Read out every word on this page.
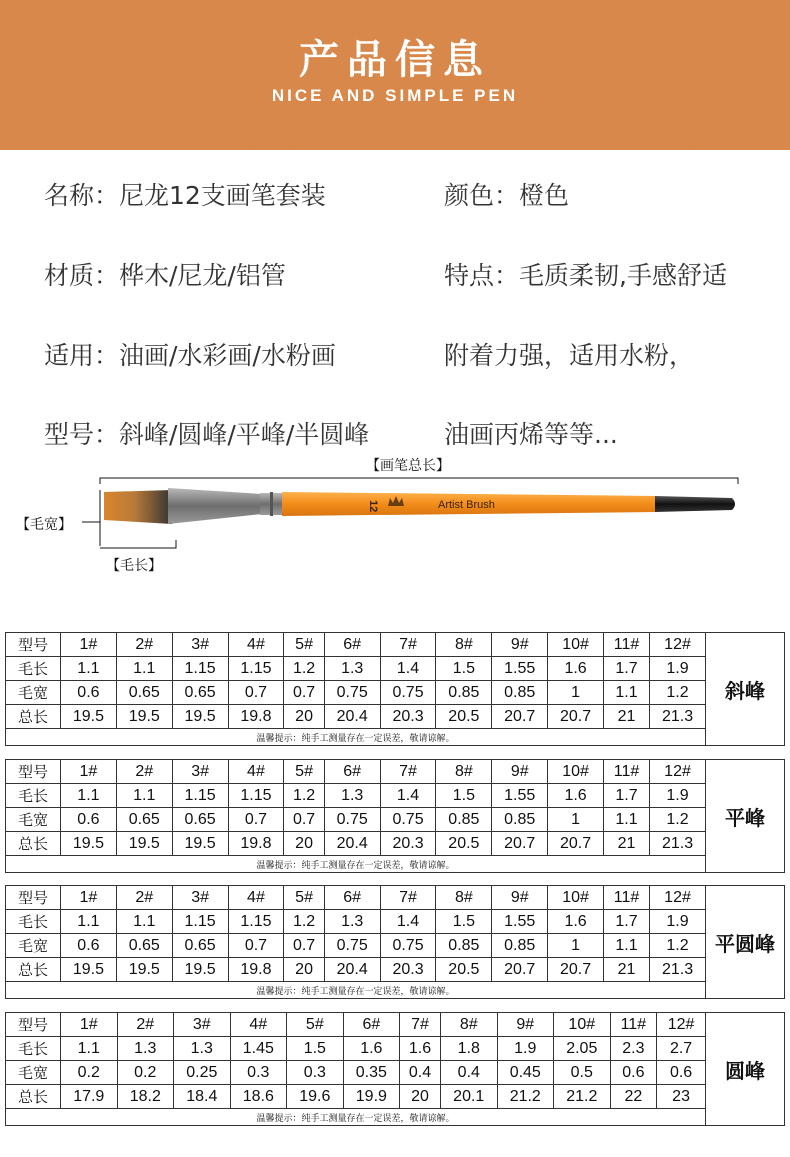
产品信息
NICE AND SIMPLE PEN
名称：尼龙12支画笔套装	颜色：橙色
材质：桦木/尼龙/铝管	特点：毛质柔韧,手感舒适
适用：油画/水彩画/水粉画	附着力强，适用水粉，
型号：斜峰/圆峰/平峰/半圆峰	油画丙烯等等...
【画笔总长】
【毛宽】
【毛长】
12	Artist Brush
型号	1#	2#	3#	4#	5#	6#	7#	8#	9#	10#	11#	12#	斜峰
毛长	1.1	1.1	1.15	1.15	1.2	1.3	1.4	1.5	1.55	1.6	1.7	1.9	
毛宽	0.6	0.65	0.65	0.7	0.7	0.75	0.75	0.85	0.85	1	1.1	1.2	
总长	19.5	19.5	19.5	19.8	20	20.4	20.3	20.5	20.7	20.7	21	21.3	
温馨提示：纯手工测量存在一定误差，敬请谅解。													
型号	1#	2#	3#	4#	5#	6#	7#	8#	9#	10#	11#	12#	平峰
毛长	1.1	1.1	1.15	1.15	1.2	1.3	1.4	1.5	1.55	1.6	1.7	1.9	
毛宽	0.6	0.65	0.65	0.7	0.7	0.75	0.75	0.85	0.85	1	1.1	1.2	
总长	19.5	19.5	19.5	19.8	20	20.4	20.3	20.5	20.7	20.7	21	21.3	
温馨提示：纯手工测量存在一定误差，敬请谅解。													
型号	1#	2#	3#	4#	5#	6#	7#	8#	9#	10#	11#	12#	平圆峰
毛长	1.1	1.1	1.15	1.15	1.2	1.3	1.4	1.5	1.55	1.6	1.7	1.9	
毛宽	0.6	0.65	0.65	0.7	0.7	0.75	0.75	0.85	0.85	1	1.1	1.2	
总长	19.5	19.5	19.5	19.8	20	20.4	20.3	20.5	20.7	20.7	21	21.3	
温馨提示：纯手工测量存在一定误差，敬请谅解。													
型号	1#	2#	3#	4#	5#	6#	7#	8#	9#	10#	11#	12#	圆峰
毛长	1.1	1.3	1.3	1.45	1.5	1.6	1.6	1.8	1.9	2.05	2.3	2.7	
毛宽	0.2	0.2	0.25	0.3	0.3	0.35	0.4	0.4	0.45	0.5	0.6	0.6	
总长	17.9	18.2	18.4	18.6	19.6	19.9	20	20.1	21.2	21.2	22	23	
温馨提示：纯手工测量存在一定误差，敬请谅解。													
